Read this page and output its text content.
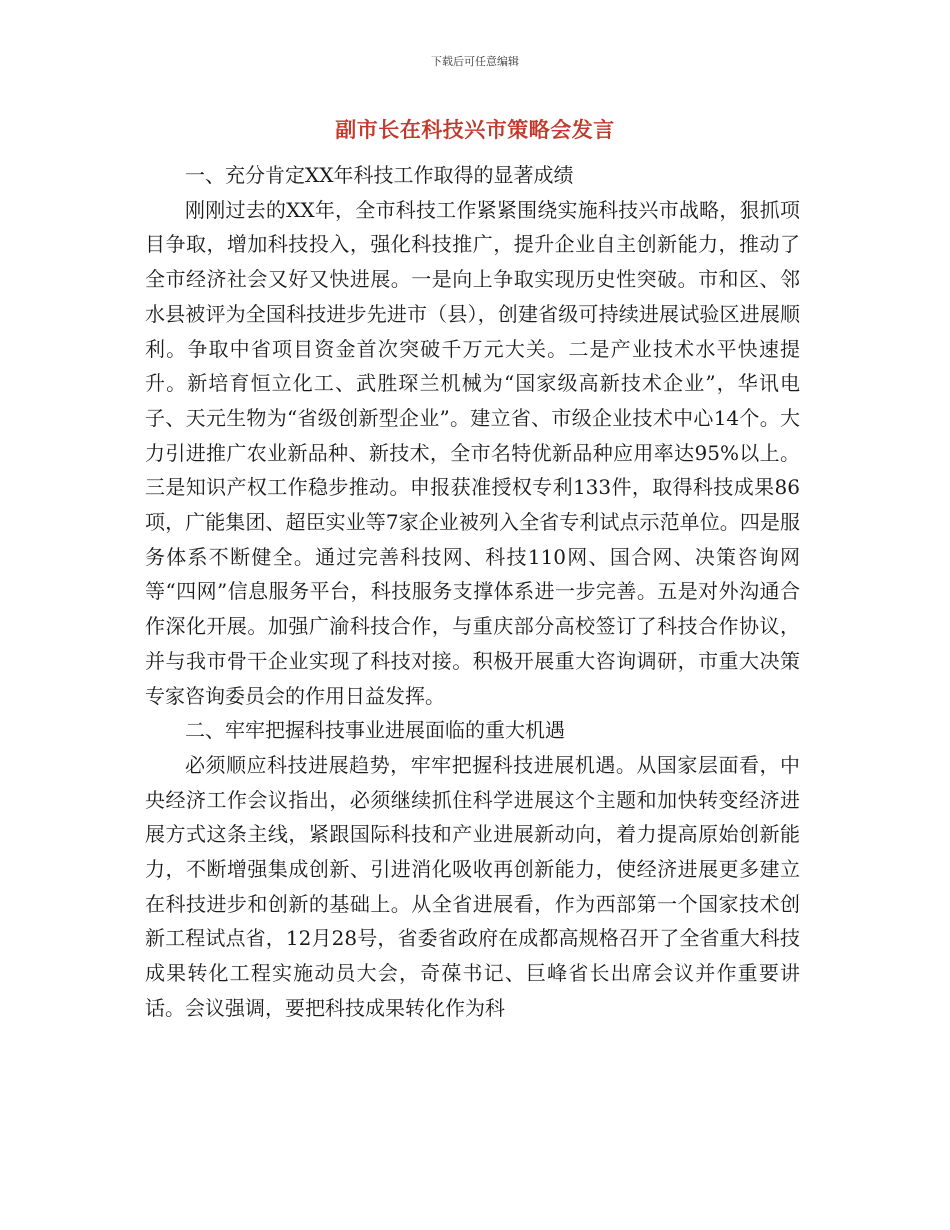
下载后可任意编辑
副市长在科技兴市策略会发言

一、充分肯定XX年科技工作取得的显著成绩

刚刚过去的XX年，全市科技工作紧紧围绕实施科技兴市战略，狠抓项目争取，增加科技投入，强化科技推广，提升企业自主创新能力，推动了全市经济社会又好又快进展。一是向上争取实现历史性突破。市和区、邻水县被评为全国科技进步先进市（县），创建省级可持续进展试验区进展顺利。争取中省项目资金首次突破千万元大关。二是产业技术水平快速提升。新培育恒立化工、武胜琛兰机械为“国家级高新技术企业”，华讯电子、天元生物为“省级创新型企业”。建立省、市级企业技术中心14个。大力引进推广农业新品种、新技术，全市名特优新品种应用率达95%以上。三是知识产权工作稳步推动。申报获准授权专利133件，取得科技成果86项，广能集团、超臣实业等7家企业被列入全省专利试点示范单位。四是服务体系不断健全。通过完善科技网、科技110网、国合网、决策咨询网等“四网”信息服务平台，科技服务支撑体系进一步完善。五是对外沟通合作深化开展。加强广渝科技合作，与重庆部分高校签订了科技合作协议，并与我市骨干企业实现了科技对接。积极开展重大咨询调研，市重大决策专家咨询委员会的作用日益发挥。

二、牢牢把握科技事业进展面临的重大机遇

必须顺应科技进展趋势，牢牢把握科技进展机遇。从国家层面看，中央经济工作会议指出，必须继续抓住科学进展这个主题和加快转变经济进展方式这条主线，紧跟国际科技和产业进展新动向，着力提高原始创新能力，不断增强集成创新、引进消化吸收再创新能力，使经济进展更多建立在科技进步和创新的基础上。从全省进展看，作为西部第一个国家技术创新工程试点省，12月28号，省委省政府在成都高规格召开了全省重大科技成果转化工程实施动员大会，奇葆书记、巨峰省长出席会议并作重要讲话。会议强调，要把科技成果转化作为科
